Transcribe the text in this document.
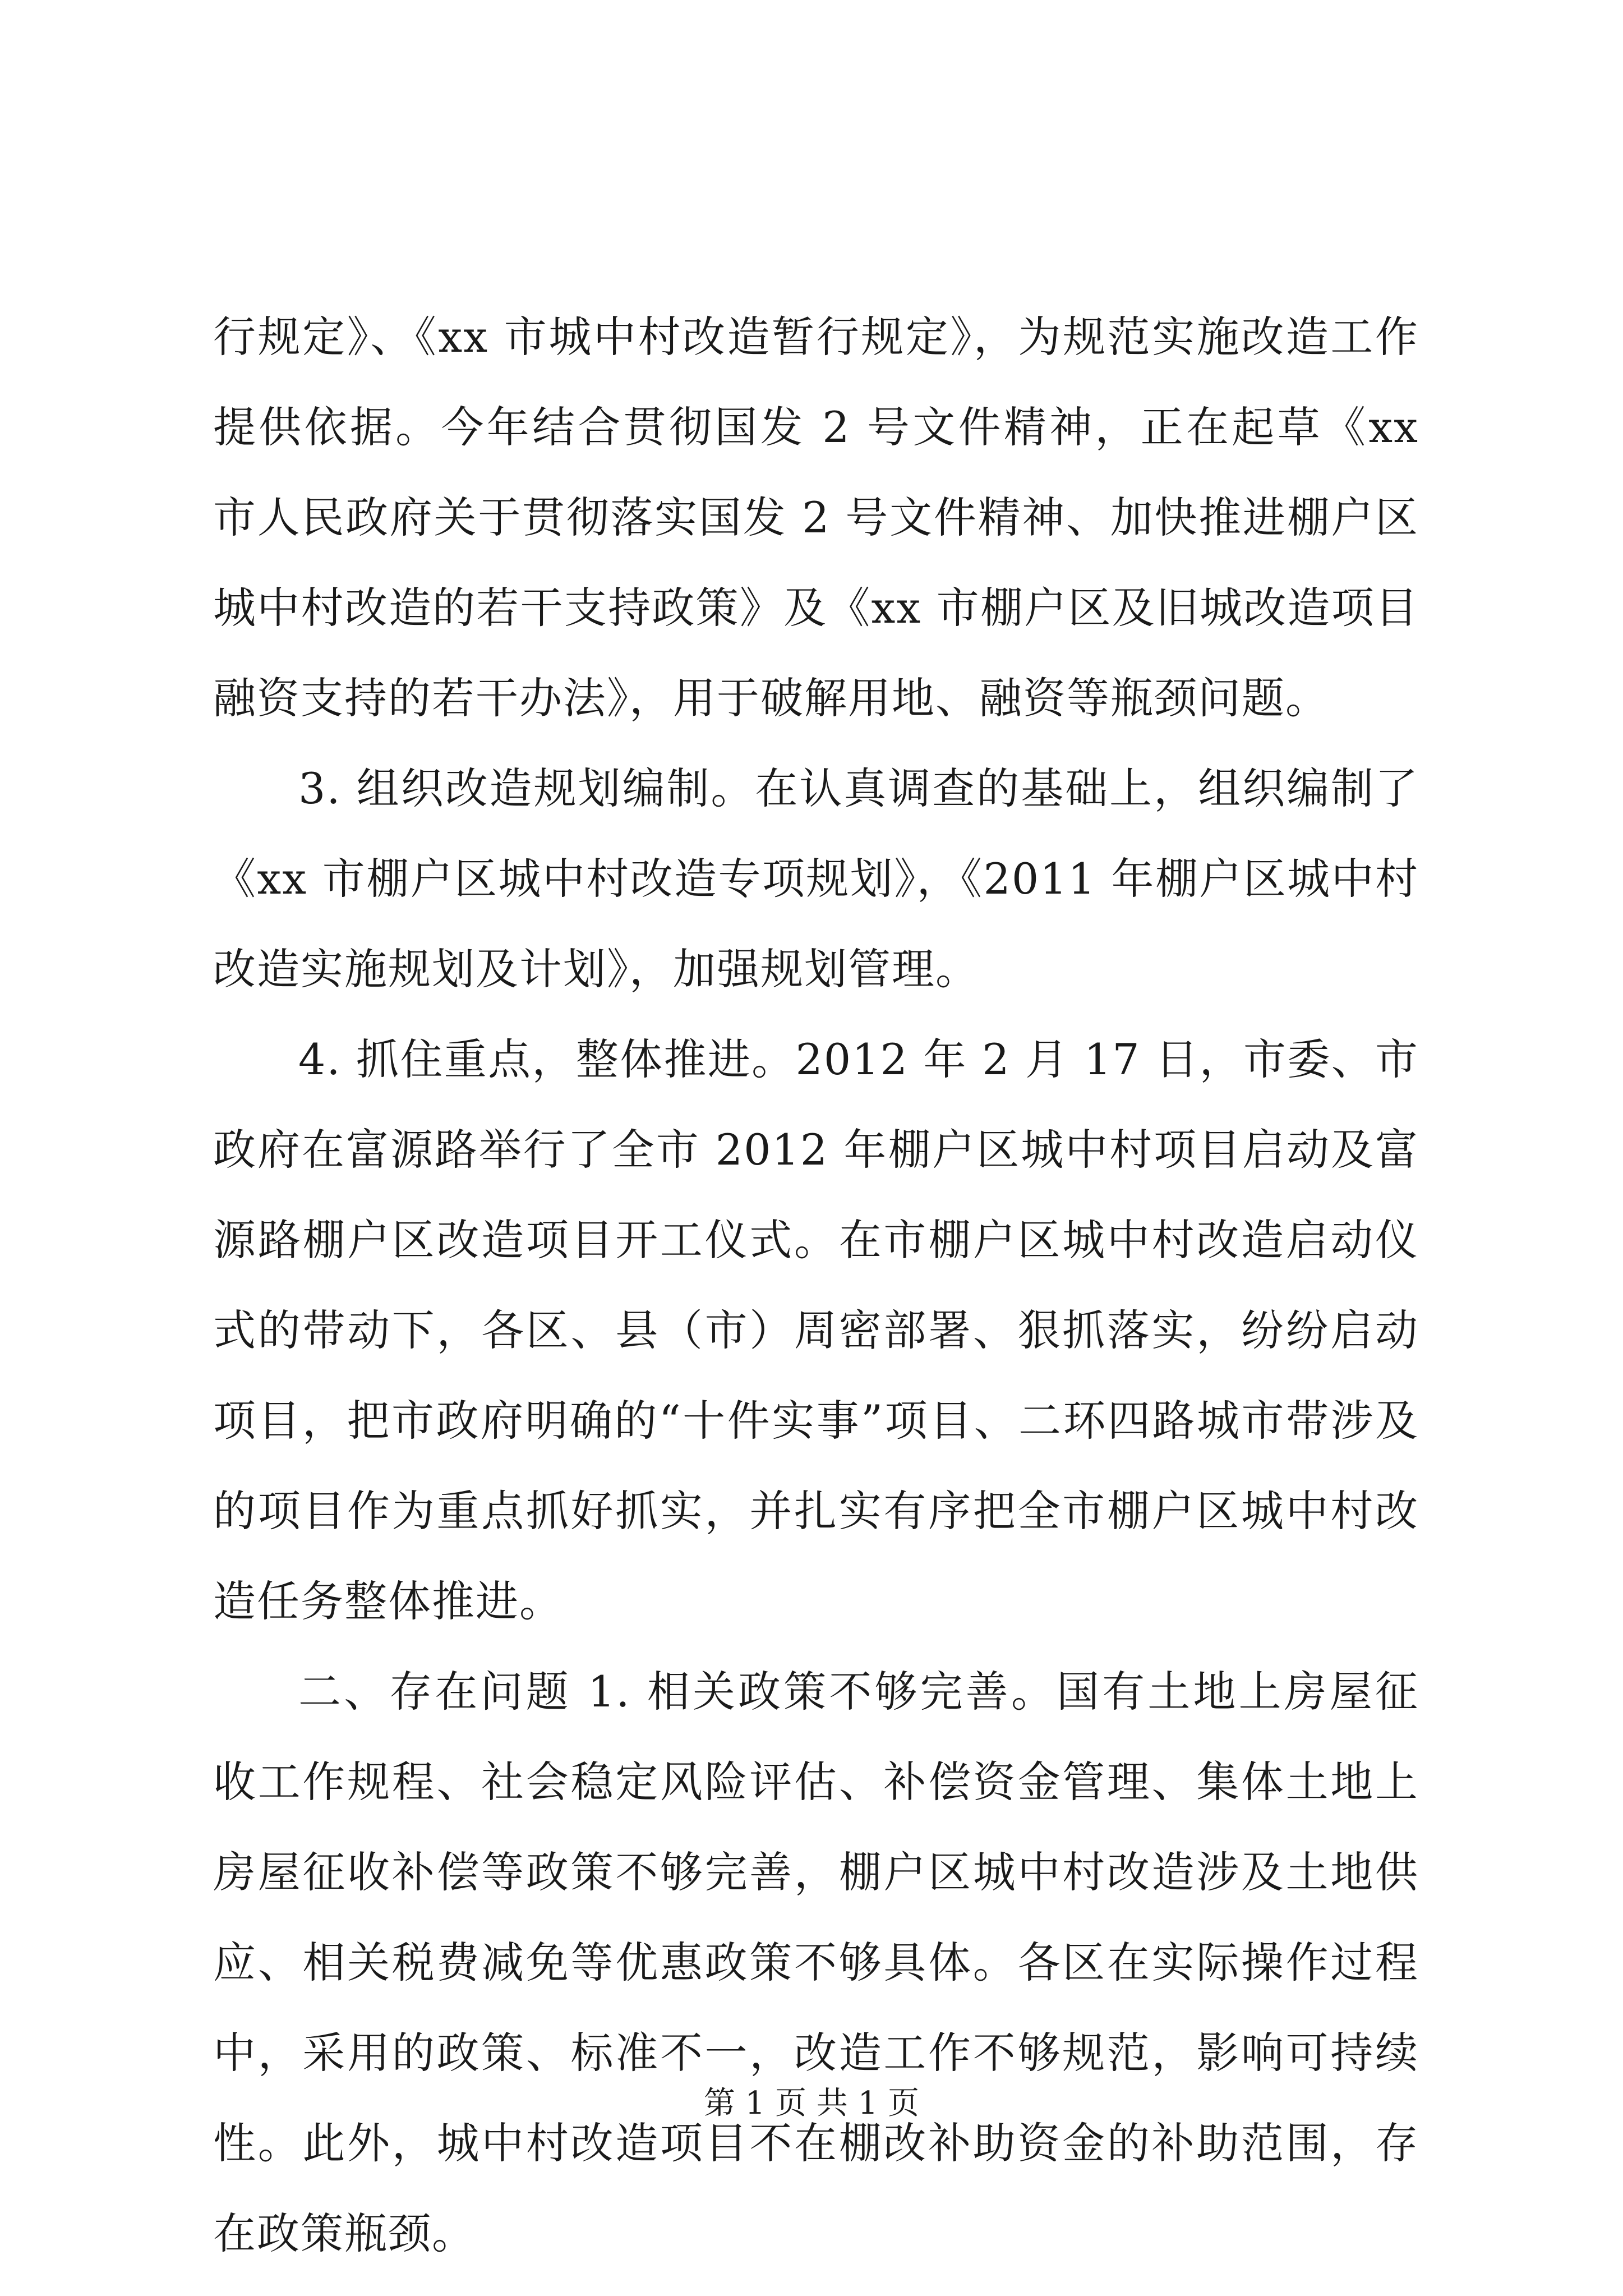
行规定》、《xx 市城中村改造暂行规定》，为规范实施改造工作提供依据。今年结合贯彻国发 2 号文件精神，正在起草《xx 市人民政府关于贯彻落实国发 2 号文件精神、加快推进棚户区城中村改造的若干支持政策》及《xx 市棚户区及旧城改造项目融资支持的若干办法》，用于破解用地、融资等瓶颈问题。

3. 组织改造规划编制。在认真调查的基础上，组织编制了《xx 市棚户区城中村改造专项规划》，《2011 年棚户区城中村改造实施规划及计划》，加强规划管理。

4. 抓住重点，整体推进。2012 年 2 月 17 日，市委、市政府在富源路举行了全市 2012 年棚户区城中村项目启动及富源路棚户区改造项目开工仪式。在市棚户区城中村改造启动仪式的带动下，各区、县（市）周密部署、狠抓落实，纷纷启动项目，把市政府明确的“十件实事”项目、二环四路城市带涉及的项目作为重点抓好抓实，并扎实有序把全市棚户区城中村改造任务整体推进。

二、存在问题 1. 相关政策不够完善。国有土地上房屋征收工作规程、社会稳定风险评估、补偿资金管理、集体土地上房屋征收补偿等政策不够完善，棚户区城中村改造涉及土地供应、相关税费减免等优惠政策不够具体。各区在实际操作过程中，采用的政策、标准不一，改造工作不够规范，影响可持续性。此外，城中村改造项目不在棚改补助资金的补助范围，存在政策瓶颈。

第 1 页 共 1 页
